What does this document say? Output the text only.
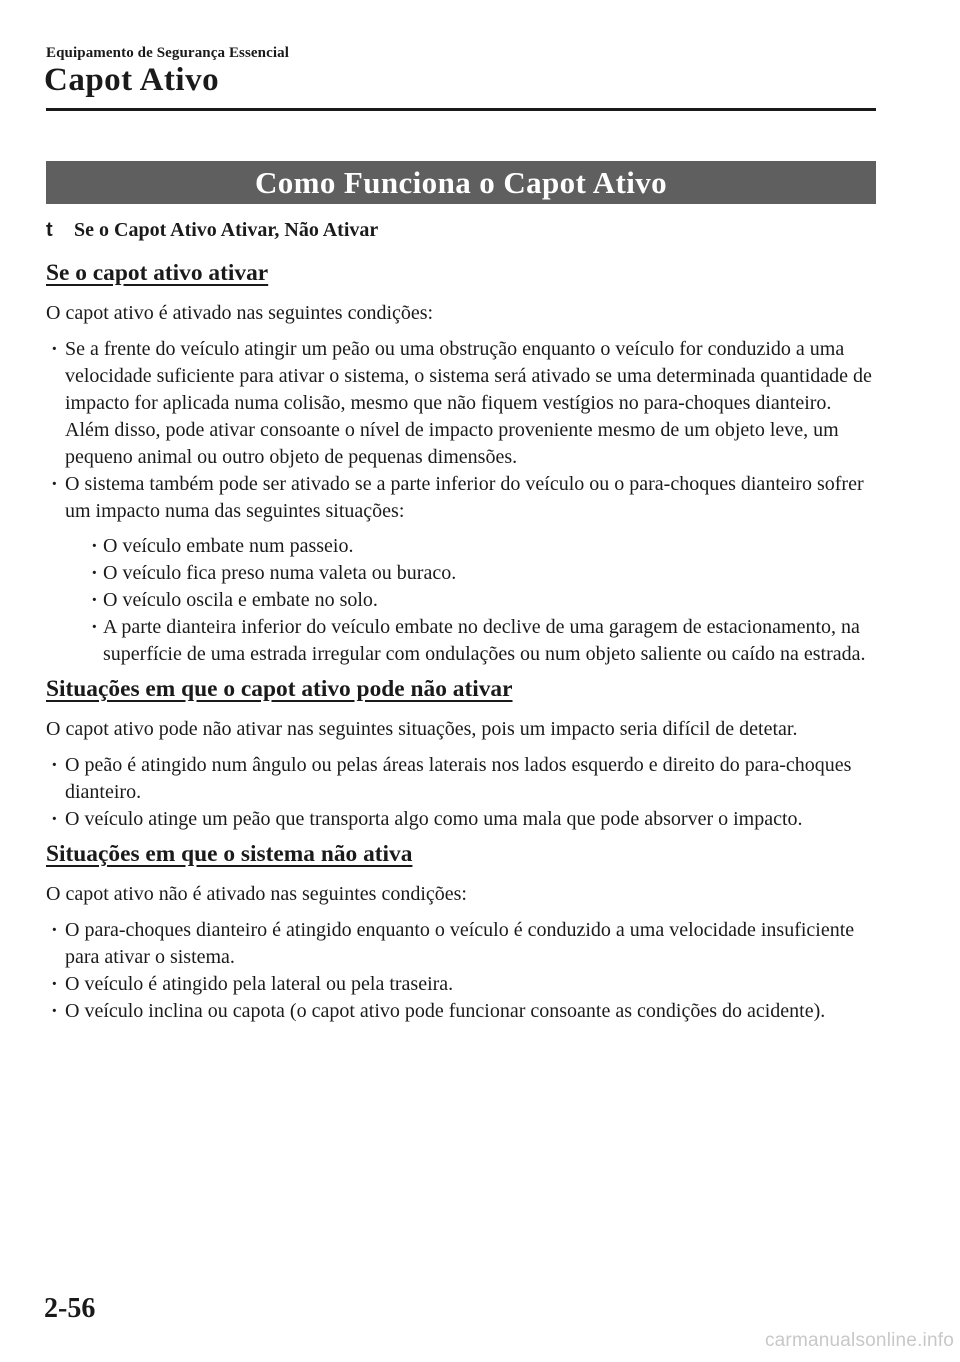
Equipamento de Segurança Essencial
Capot Ativo
Como Funciona o Capot Ativo
t Se o Capot Ativo Ativar, Não Ativar
Se o capot ativo ativar

O capot ativo é ativado nas seguintes condições:

· Se a frente do veículo atingir um peão ou uma obstrução enquanto o veículo for conduzido a uma velocidade suficiente para ativar o sistema, o sistema será ativado se uma determinada quantidade de impacto for aplicada numa colisão, mesmo que não fiquem vestígios no para-choques dianteiro. Além disso, pode ativar consoante o nível de impacto proveniente mesmo de um objeto leve, um pequeno animal ou outro objeto de pequenas dimensões.
· O sistema também pode ser ativado se a parte inferior do veículo ou o para-choques dianteiro sofrer um impacto numa das seguintes situações:
· O veículo embate num passeio.
· O veículo fica preso numa valeta ou buraco.
· O veículo oscila e embate no solo.
· A parte dianteira inferior do veículo embate no declive de uma garagem de estacionamento, na superfície de uma estrada irregular com ondulações ou num objeto saliente ou caído na estrada.
Situações em que o capot ativo pode não ativar

O capot ativo pode não ativar nas seguintes situações, pois um impacto seria difícil de detetar.

· O peão é atingido num ângulo ou pelas áreas laterais nos lados esquerdo e direito do para-choques dianteiro.
· O veículo atinge um peão que transporta algo como uma mala que pode absorver o impacto.
Situações em que o sistema não ativa

O capot ativo não é ativado nas seguintes condições:

· O para-choques dianteiro é atingido enquanto o veículo é conduzido a uma velocidade insuficiente para ativar o sistema.
· O veículo é atingido pela lateral ou pela traseira.
· O veículo inclina ou capota (o capot ativo pode funcionar consoante as condições do acidente).
2-56
carmanualsonline.info
